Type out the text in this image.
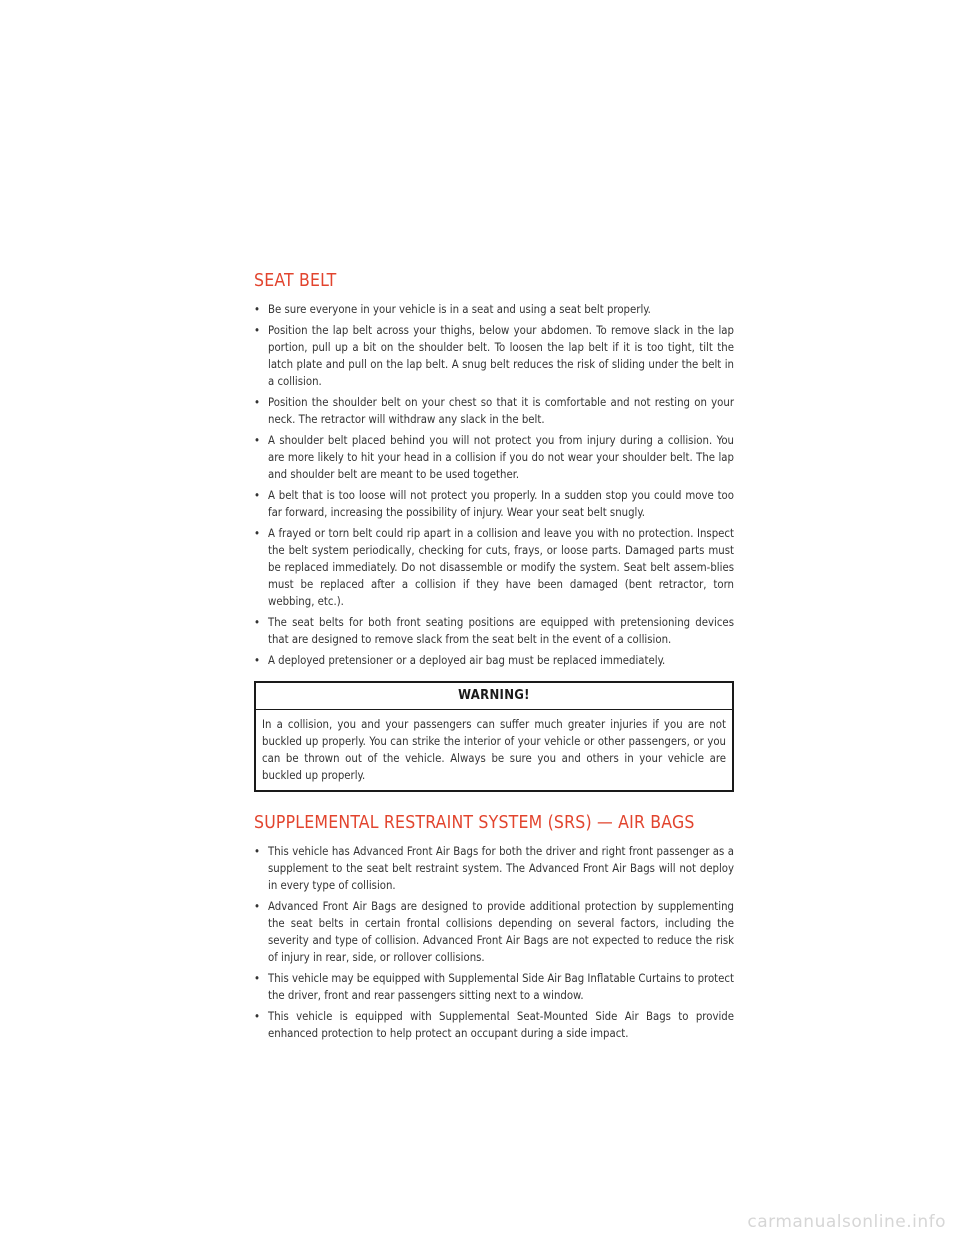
SEAT BELT
• Be sure everyone in your vehicle is in a seat and using a seat belt properly.
• Position the lap belt across your thighs, below your abdomen. To remove slack in the lap portion, pull up a bit on the shoulder belt. To loosen the lap belt if it is too tight, tilt the latch plate and pull on the lap belt. A snug belt reduces the risk of sliding under the belt in a collision.
• Position the shoulder belt on your chest so that it is comfortable and not resting on your neck. The retractor will withdraw any slack in the belt.
• A shoulder belt placed behind you will not protect you from injury during a collision. You are more likely to hit your head in a collision if you do not wear your shoulder belt. The lap and shoulder belt are meant to be used together.
• A belt that is too loose will not protect you properly. In a sudden stop you could move too far forward, increasing the possibility of injury. Wear your seat belt snugly.
• A frayed or torn belt could rip apart in a collision and leave you with no protection. Inspect the belt system periodically, checking for cuts, frays, or loose parts. Damaged parts must be replaced immediately. Do not disassemble or modify the system. Seat belt assem-blies must be replaced after a collision if they have been damaged (bent retractor, torn webbing, etc.).
• The seat belts for both front seating positions are equipped with pretensioning devices that are designed to remove slack from the seat belt in the event of a collision.
• A deployed pretensioner or a deployed air bag must be replaced immediately.
WARNING!
In a collision, you and your passengers can suffer much greater injuries if you are not buckled up properly. You can strike the interior of your vehicle or other passengers, or you can be thrown out of the vehicle. Always be sure you and others in your vehicle are buckled up properly.
SUPPLEMENTAL RESTRAINT SYSTEM (SRS) — AIR BAGS
• This vehicle has Advanced Front Air Bags for both the driver and right front passenger as a supplement to the seat belt restraint system. The Advanced Front Air Bags will not deploy in every type of collision.
• Advanced Front Air Bags are designed to provide additional protection by supplementing the seat belts in certain frontal collisions depending on several factors, including the severity and type of collision. Advanced Front Air Bags are not expected to reduce the risk of injury in rear, side, or rollover collisions.
• This vehicle may be equipped with Supplemental Side Air Bag Inflatable Curtains to protect the driver, front and rear passengers sitting next to a window.
• This vehicle is equipped with Supplemental Seat-Mounted Side Air Bags to provide enhanced protection to help protect an occupant during a side impact.
carmanualsonline.info
